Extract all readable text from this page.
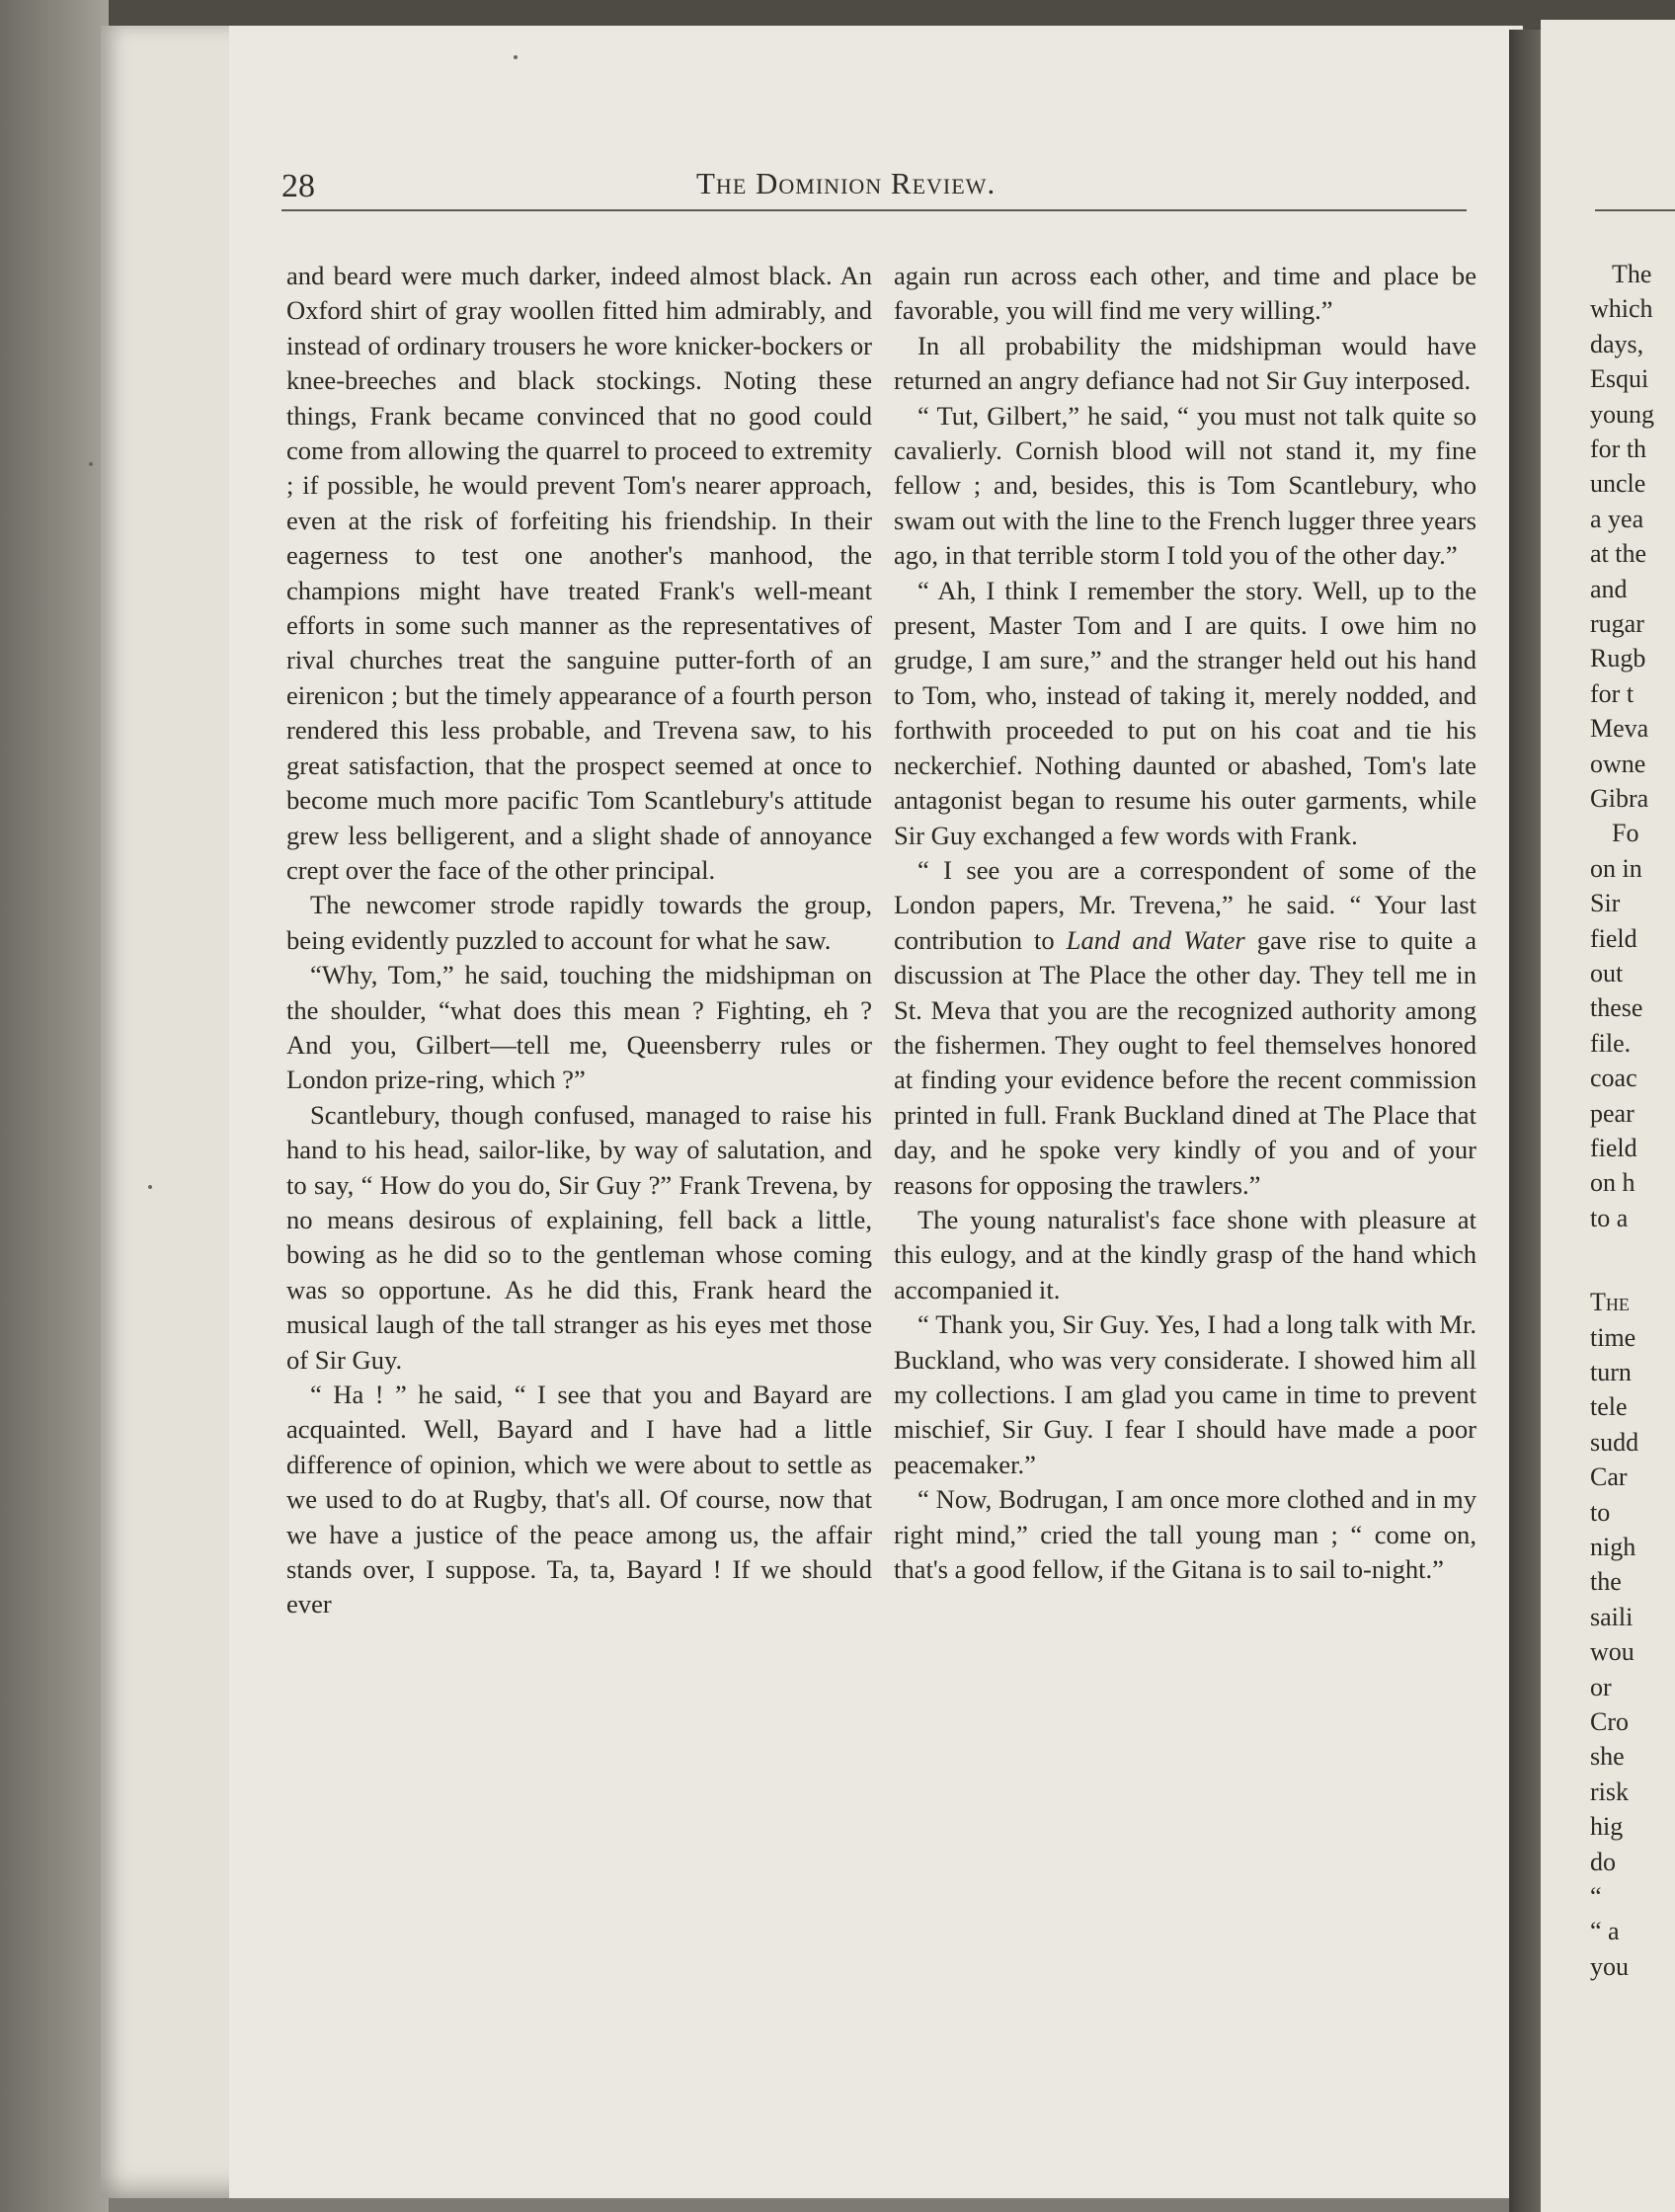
28	The Dominion Review.

and beard were much darker, indeed almost black. An Oxford shirt of gray woollen fitted him admirably, and instead of ordinary trousers he wore knicker-bockers or knee-breeches and black stockings. Noting these things, Frank became convinced that no good could come from allowing the quarrel to proceed to extremity ; if possible, he would prevent Tom's nearer approach, even at the risk of forfeiting his friendship. In their eagerness to test one another's manhood, the champions might have treated Frank's well-meant efforts in some such manner as the representatives of rival churches treat the sanguine putter-forth of an eirenicon ; but the timely appearance of a fourth person rendered this less probable, and Trevena saw, to his great satisfaction, that the prospect seemed at once to become much more pacific Tom Scantlebury's attitude grew less belligerent, and a slight shade of annoyance crept over the face of the other principal.

The newcomer strode rapidly towards the group, being evidently puzzled to account for what he saw.

“Why, Tom,” he said, touching the midshipman on the shoulder, “what does this mean ? Fighting, eh ? And you, Gilbert—tell me, Queensberry rules or London prize-ring, which ?”

Scantlebury, though confused, managed to raise his hand to his head, sailor-like, by way of salutation, and to say, “ How do you do, Sir Guy ?” Frank Trevena, by no means desirous of explaining, fell back a little, bowing as he did so to the gentleman whose coming was so opportune. As he did this, Frank heard the musical laugh of the tall stranger as his eyes met those of Sir Guy.

“ Ha ! ” he said, “ I see that you and Bayard are acquainted. Well, Bayard and I have had a little difference of opinion, which we were about to settle as we used to do at Rugby, that's all. Of course, now that we have a justice of the peace among us, the affair stands over, I suppose. Ta, ta, Bayard ! If we should ever

again run across each other, and time and place be favorable, you will find me very willing.”

In all probability the midshipman would have returned an angry defiance had not Sir Guy interposed.

“ Tut, Gilbert,” he said, “ you must not talk quite so cavalierly. Cornish blood will not stand it, my fine fellow ; and, besides, this is Tom Scantlebury, who swam out with the line to the French lugger three years ago, in that terrible storm I told you of the other day.”

“ Ah, I think I remember the story. Well, up to the present, Master Tom and I are quits. I owe him no grudge, I am sure,” and the stranger held out his hand to Tom, who, instead of taking it, merely nodded, and forthwith proceeded to put on his coat and tie his neckerchief. Nothing daunted or abashed, Tom's late antagonist began to resume his outer garments, while Sir Guy exchanged a few words with Frank.

“ I see you are a correspondent of some of the London papers, Mr. Trevena,” he said. “ Your last contribution to Land and Water gave rise to quite a discussion at The Place the other day. They tell me in St. Meva that you are the recognized authority among the fishermen. They ought to feel themselves honored at finding your evidence before the recent commission printed in full. Frank Buckland dined at The Place that day, and he spoke very kindly of you and of your reasons for opposing the trawlers.”

The young naturalist's face shone with pleasure at this eulogy, and at the kindly grasp of the hand which accompanied it.

“ Thank you, Sir Guy. Yes, I had a long talk with Mr. Buckland, who was very considerate. I showed him all my collections. I am glad you came in time to prevent mischief, Sir Guy. I fear I should have made a poor peacemaker.”

“ Now, Bodrugan, I am once more clothed and in my right mind,” cried the tall young man ; “ come on, that's a good fellow, if the Gitana is to sail to-night.”

The
which
days,
Esqui
young
for th
uncle
a yea
at the
and
rugar
Rugb
for t
Meva
owne
Gibra
Fo
on in
Sir
field
out
these
file.
coac
pear
field
on h
to a
The
time
turn
tele
sudd
Car
to
nigh
the
saili
wou
or
Cro
she
risk
hig
do
“
“ a
you
